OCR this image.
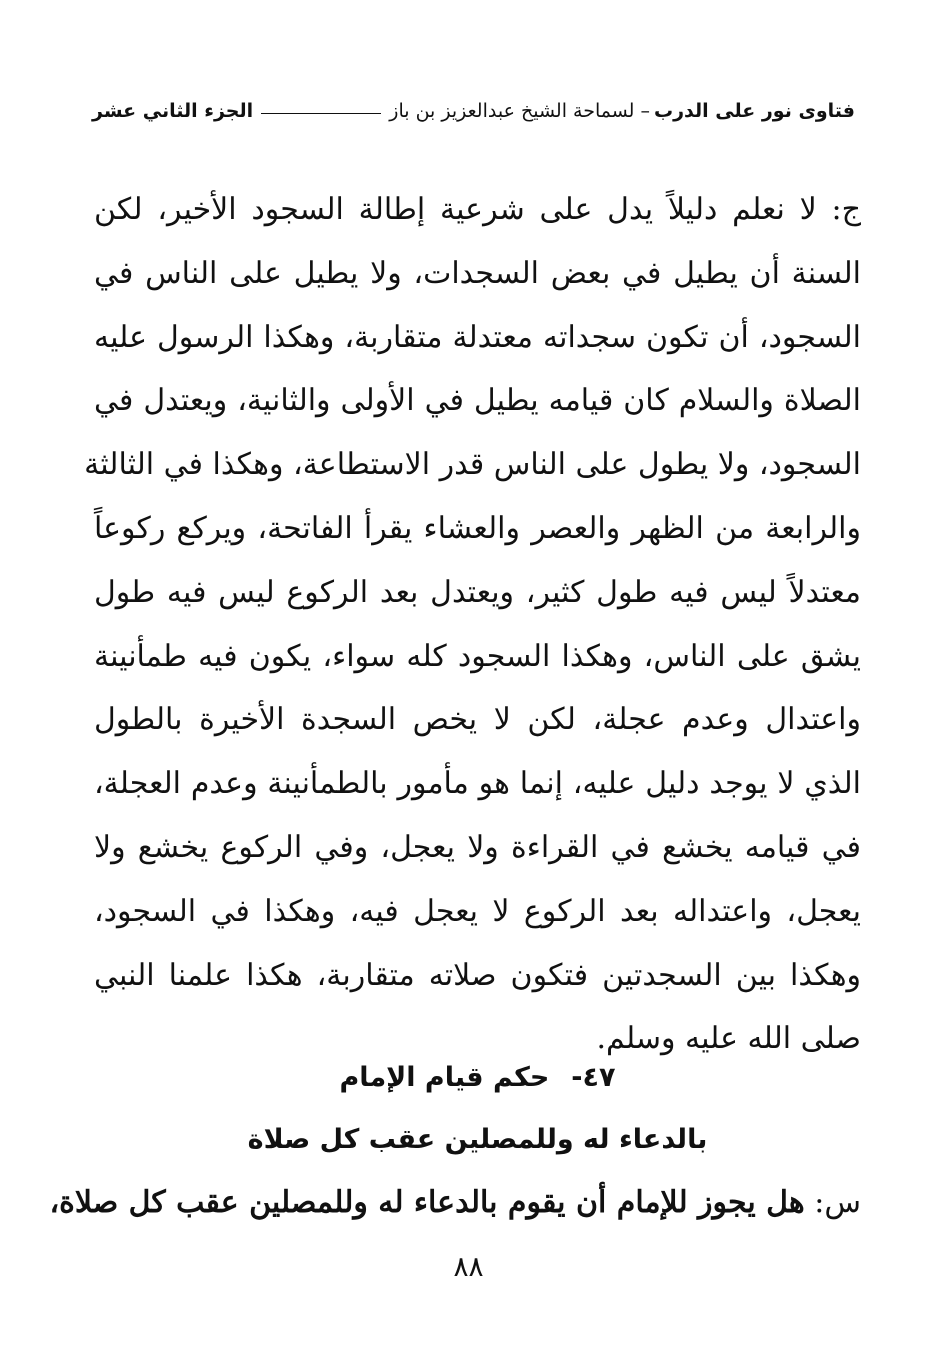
فتاوى نور على الدرب
– لسماحة الشيخ عبدالعزيز بن باز
الجزء الثاني عشر
ج: لا نعلم دليلاً يدل على شرعية إطالة السجود الأخير، لكن
السنة أن يطيل في بعض السجدات، ولا يطيل على الناس في
السجود، أن تكون سجداته معتدلة متقاربة، وهكذا الرسول عليه
الصلاة والسلام كان قيامه يطيل في الأولى والثانية، ويعتدل في
السجود، ولا يطول على الناس قدر الاستطاعة، وهكذا في الثالثة
والرابعة من الظهر والعصر والعشاء يقرأ الفاتحة، ويركع ركوعاً
معتدلاً ليس فيه طول كثير، ويعتدل بعد الركوع ليس فيه طول
يشق على الناس، وهكذا السجود كله سواء، يكون فيه طمأنينة
واعتدال وعدم عجلة، لكن لا يخص السجدة الأخيرة بالطول
الذي لا يوجد دليل عليه، إنما هو مأمور بالطمأنينة وعدم العجلة،
في قيامه يخشع في القراءة ولا يعجل، وفي الركوع يخشع ولا
يعجل، واعتداله بعد الركوع لا يعجل فيه، وهكذا في السجود،
وهكذا بين السجدتين فتكون صلاته متقاربة، هكذا علمنا النبي
صلى الله عليه وسلم.
٤٧-حكم قيام الإمام
بالدعاء له وللمصلين عقب كل صلاة
س: هل يجوز للإمام أن يقوم بالدعاء له وللمصلين عقب كل صلاة،
٨٨
